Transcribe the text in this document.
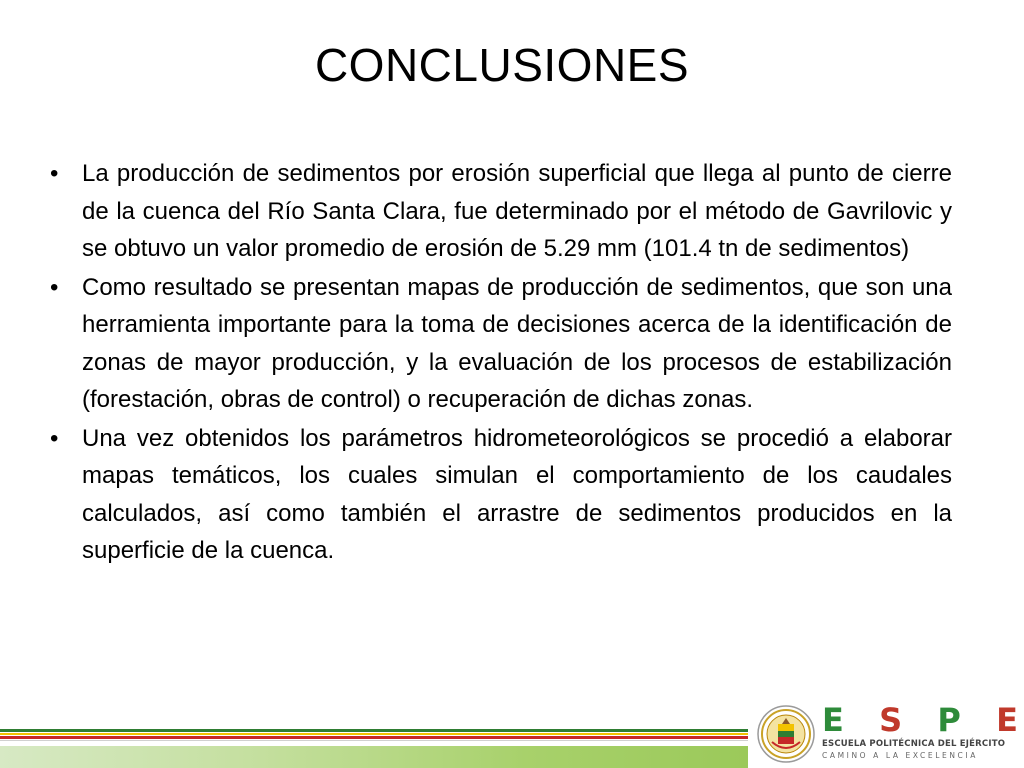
CONCLUSIONES
• La producción de sedimentos por erosión superficial que llega al punto de cierre de la cuenca del Río Santa Clara, fue determinado por el método de Gavrilovic y se obtuvo un valor promedio de erosión de 5.29 mm (101.4 tn de sedimentos)
• Como resultado se presentan mapas de producción de sedimentos, que son una herramienta importante para la toma de decisiones acerca de la identificación de zonas de mayor producción, y la evaluación de los procesos de estabilización (forestación, obras de control) o recuperación de dichas zonas.
• Una vez obtenidos los parámetros hidrometeorológicos se procedió a elaborar mapas temáticos, los cuales simulan el comportamiento de los caudales calculados, así como también el arrastre de sedimentos producidos en la superficie de la cuenca.
E S P E
ESCUELA POLITÉCNICA DEL EJÉRCITO
CAMINO A LA EXCELENCIA
